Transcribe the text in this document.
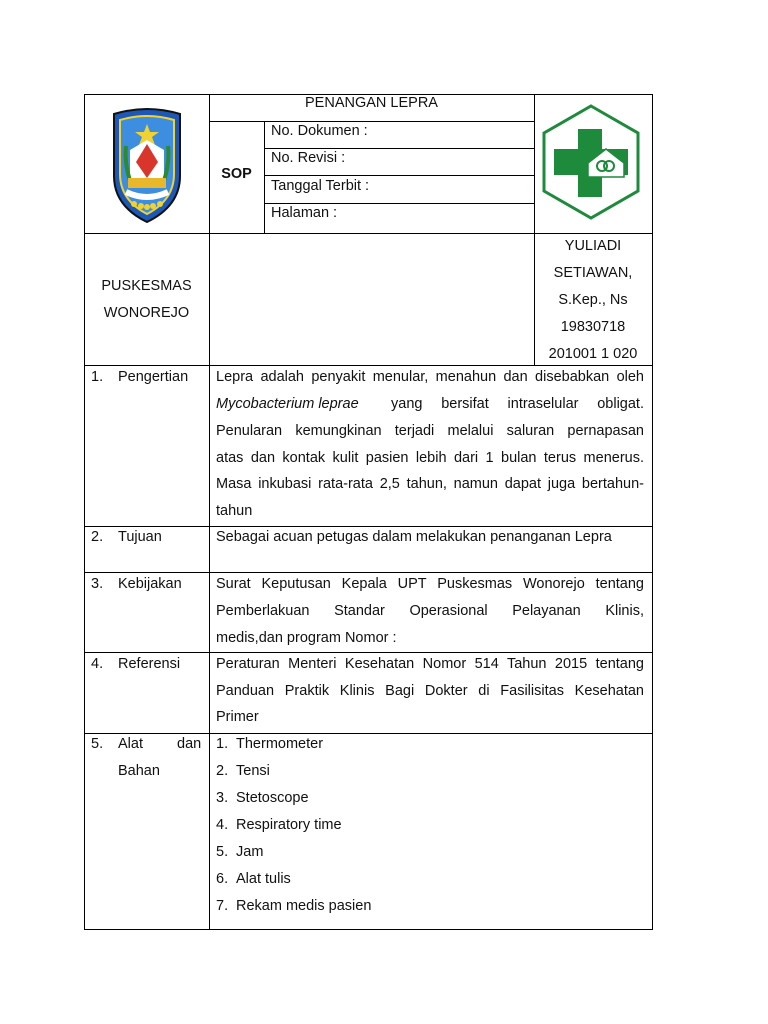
PENANGAN LEPRA
SOP
No. Dokumen :
No. Revisi :
Tanggal Terbit :
Halaman :
PUSKESMAS
WONOREJO
YULIADI
SETIAWAN,
S.Kep., Ns
19830718
201001 1 020
1. Pengertian Lepra adalah penyakit menular, menahun dan disebabkan oleh
Mycobacterium leprae yang bersifat intraselular obligat.
Penularan kemungkinan terjadi melalui saluran pernapasan
atas dan kontak kulit pasien lebih dari 1 bulan terus menerus.
Masa inkubasi rata-rata 2,5 tahun, namun dapat juga bertahun-
tahun
2. Tujuan	Sebagai acuan petugas dalam melakukan penanganan Lepra
3. Kebijakan Surat Keputusan Kepala UPT Puskesmas Wonorejo tentang
Pemberlakuan Standar Operasional Pelayanan Klinis,
medis,dan program Nomor :
4. Referensi Peraturan Menteri Kesehatan Nomor 514 Tahun 2015 tentang
Panduan Praktik Klinis Bagi Dokter di Fasilisitas Kesehatan
Primer
5. Alat dan
Bahan
1. Thermometer
2. Tensi
3. Stetoscope
4. Respiratory time
5. Jam
6. Alat tulis
7. Rekam medis pasien
